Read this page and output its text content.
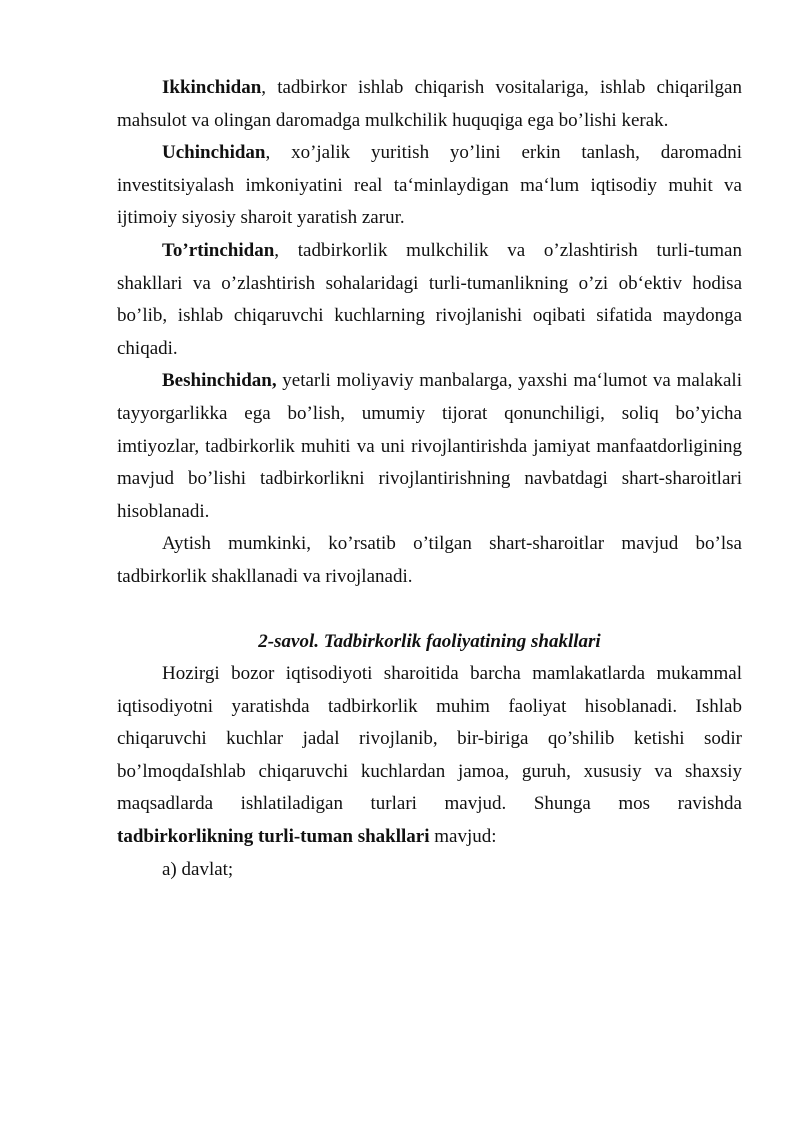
Ikkinchidan, tadbirkor ishlab chiqarish vositalariga, ishlab chiqarilgan mahsulot va olingan daromadga mulkchilik huquqiga ega bo’lishi kerak.

Uchinchidan, xo’jalik yuritish yo’lini erkin tanlash, daromadni investitsiyalash imkoniyatini real ta‘minlaydigan ma‘lum iqtisodiy muhit va ijtimoiy siyosiy sharoit yaratish zarur.

To’rtinchidan, tadbirkorlik mulkchilik va o’zlashtirish turli-tuman shakllari va o’zlashtirish sohalaridagi turli-tumanlikning o’zi ob‘ektiv hodisa bo’lib, ishlab chiqaruvchi kuchlarning rivojlanishi oqibati sifatida maydonga chiqadi.

Beshinchidan, yetarli moliyaviy manbalarga, yaxshi ma‘lumot va malakali tayyorgarlikka ega bo’lish, umumiy tijorat qonunchiligi, soliq bo’yicha imtiyozlar, tadbirkorlik muhiti va uni rivojlantirishda jamiyat manfaatdorligining mavjud bo’lishi tadbirkorlikni rivojlantirishning navbatdagi shart-sharoitlari hisoblanadi.

Aytish mumkinki, ko’rsatib o’tilgan shart-sharoitlar mavjud bo’lsa tadbirkorlik shakllanadi va rivojlanadi.

2-savol. Tadbirkorlik faoliyatining shakllari

Hozirgi bozor iqtisodiyoti sharoitida barcha mamlakatlarda mukammal iqtisodiyotni yaratishda tadbirkorlik muhim faoliyat hisoblanadi. Ishlab chiqaruvchi kuchlar jadal rivojlanib, bir-biriga qo’shilib ketishi sodir bo’lmoqdaIshlab chiqaruvchi kuchlardan jamoa, guruh, xususiy va shaxsiy maqsadlarda ishlatiladigan turlari mavjud. Shunga mos ravishda tadbirkorlikning turli-tuman shakllari mavjud:

a) davlat;
